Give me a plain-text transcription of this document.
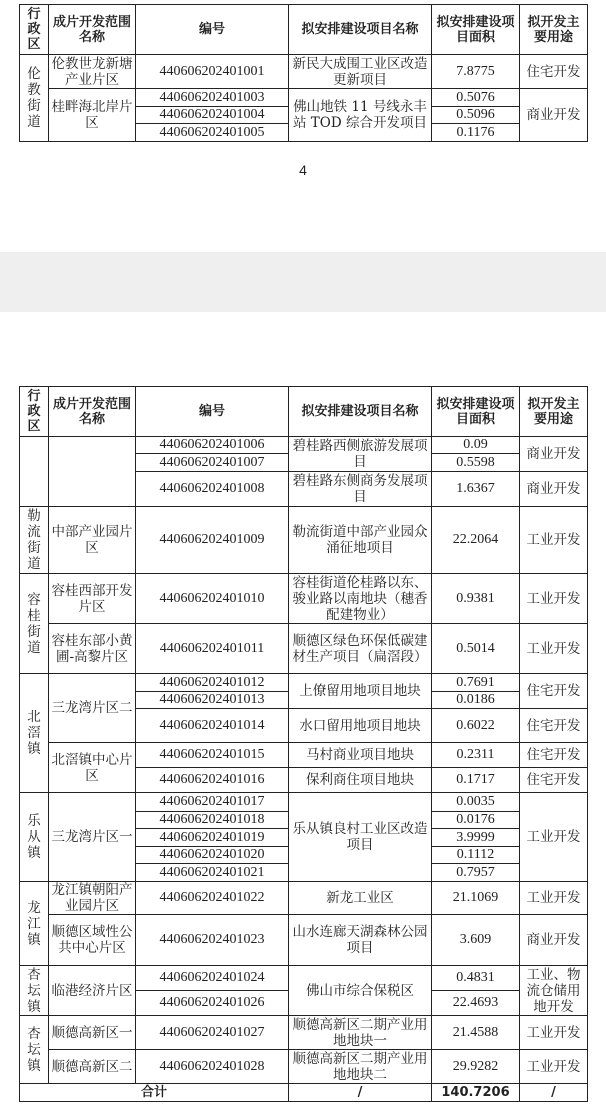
行政区	成片开发范围名称	编号	拟安排建设项目名称	拟安排建设项目面积	拟开发主要用途
伦教街道	伦教世龙新塘产业片区	440606202401001	新民大成围工业区改造更新项目	7.8775	住宅开发
	桂畔海北岸片区	440606202401003	佛山地铁 11 号线永丰站 TOD 综合开发项目	0.5076	商业开发
		440606202401004		0.5096	
		440606202401005		0.1176	
4
行政区	成片开发范围名称	编号	拟安排建设项目名称	拟安排建设项目面积	拟开发主要用途
		440606202401006	碧桂路西侧旅游发展项目	0.09	商业开发
		440606202401007		0.5598	
		440606202401008	碧桂路东侧商务发展项目	1.6367	商业开发
勒流街道	中部产业园片区	440606202401009	勒流街道中部产业园众涌征地项目	22.2064	工业开发
容桂街道	容桂西部开发片区	440606202401010	容桂街道伦桂路以东、骏业路以南地块（穗香配建物业）	0.9381	工业开发
	容桂东部小黄圃-高黎片区	440606202401011	顺德区绿色环保低碳建材生产项目（扁滘段）	0.5014	工业开发
北滘镇	三龙湾片区二	440606202401012	上僚留用地项目地块	0.7691	住宅开发
		440606202401013		0.0186	
		440606202401014	水口留用地项目地块	0.6022	住宅开发
	北滘镇中心片区	440606202401015	马村商业项目地块	0.2311	住宅开发
		440606202401016	保利商住项目地块	0.1717	住宅开发
乐从镇	三龙湾片区一	440606202401017	乐从镇良村工业区改造项目	0.0035	工业开发
		440606202401018		0.0176	
		440606202401019		3.9999	
		440606202401020		0.1112	
		440606202401021		0.7957	
龙江镇	龙江镇朝阳产业园片区	440606202401022	新龙工业区	21.1069	工业开发
	顺德区域性公共中心片区	440606202401023	山水连廊天湖森林公园项目	3.609	商业开发
杏坛镇	临港经济片区	440606202401024	佛山市综合保税区	0.4831	工业、物流仓储用地开发
		440606202401026		22.4693	
杏坛镇	顺德高新区一	440606202401027	顺德高新区二期产业用地地块一	21.4588	工业开发
	顺德高新区二	440606202401028	顺德高新区二期产业用地地块二	29.9282	工业开发
合计			/	140.7206	/
